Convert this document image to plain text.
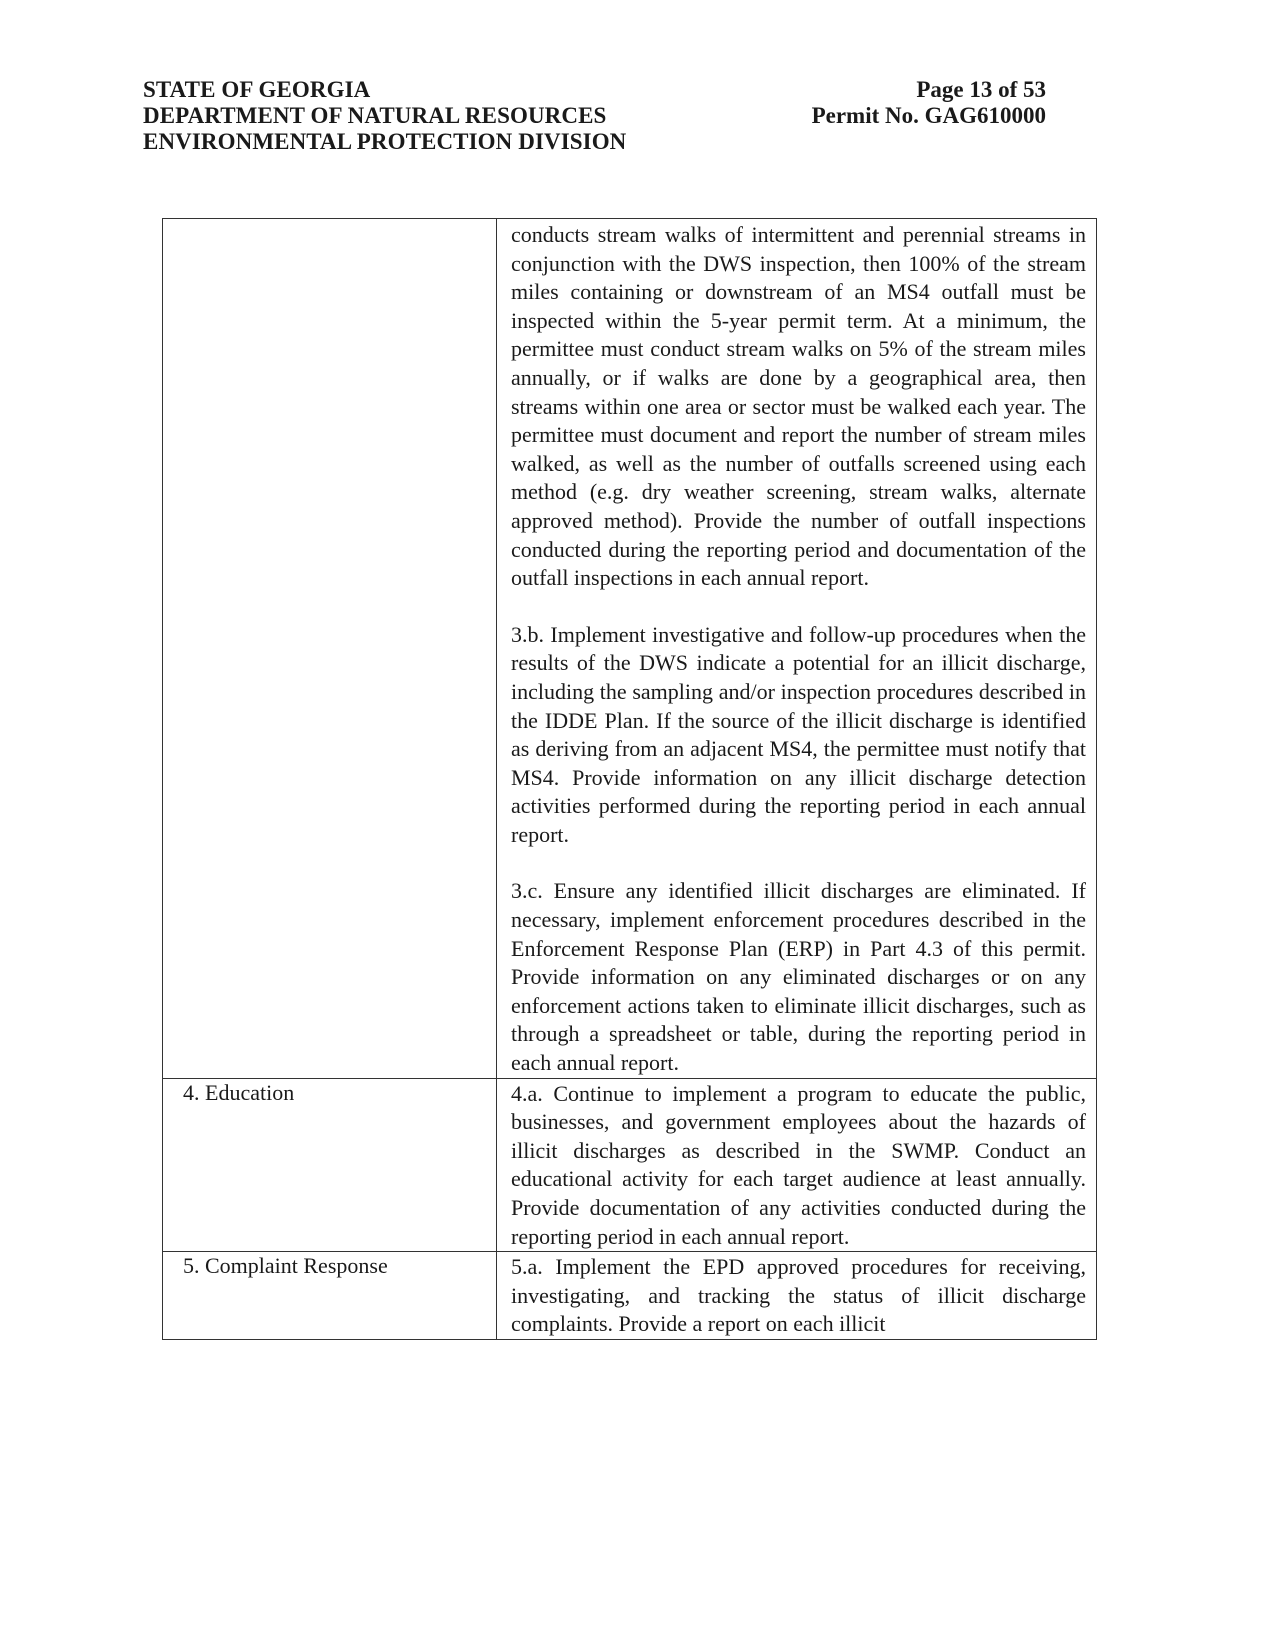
STATE OF GEORGIA
DEPARTMENT OF NATURAL RESOURCES
ENVIRONMENTAL PROTECTION DIVISION
Page 13 of 53
Permit No. GAG610000

	conducts stream walks of intermittent and perennial streams in conjunction with the DWS inspection, then 100% of the stream miles containing or downstream of an MS4 outfall must be inspected within the 5-year permit term. At a minimum, the permittee must conduct stream walks on 5% of the stream miles annually, or if walks are done by a geographical area, then streams within one area or sector must be walked each year. The permittee must document and report the number of stream miles walked, as well as the number of outfalls screened using each method (e.g. dry weather screening, stream walks, alternate approved method). Provide the number of outfall inspections conducted during the reporting period and documentation of the outfall inspections in each annual report.

3.b. Implement investigative and follow-up procedures when the results of the DWS indicate a potential for an illicit discharge, including the sampling and/or inspection procedures described in the IDDE Plan. If the source of the illicit discharge is identified as deriving from an adjacent MS4, the permittee must notify that MS4. Provide information on any illicit discharge detection activities performed during the reporting period in each annual report.

3.c. Ensure any identified illicit discharges are eliminated. If necessary, implement enforcement procedures described in the Enforcement Response Plan (ERP) in Part 4.3 of this permit. Provide information on any eliminated discharges or on any enforcement actions taken to eliminate illicit discharges, such as through a spreadsheet or table, during the reporting period in each annual report.

4. Education	4.a. Continue to implement a program to educate the public, businesses, and government employees about the hazards of illicit discharges as described in the SWMP. Conduct an educational activity for each target audience at least annually. Provide documentation of any activities conducted during the reporting period in each annual report.

5. Complaint Response	5.a. Implement the EPD approved procedures for receiving, investigating, and tracking the status of illicit discharge complaints. Provide a report on each illicit
